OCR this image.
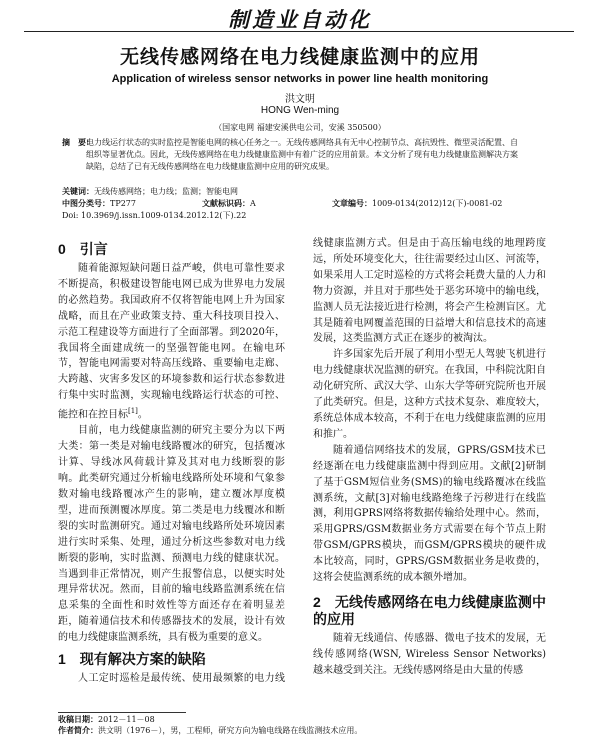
制造业自动化
无线传感网络在电力线健康监测中的应用
Application of wireless sensor networks in power line health monitoring
洪文明
HONG Wen-ming
（国家电网 福建安溪供电公司，安溪 350500）
摘　要：
电力线运行状态的实时监控是智能电网的核心任务之一。无线传感网络具有无中心控制节点、高抗毁性、微型灵活配置、自组织等显著优点。因此，无线传感网络在电力线健康监测中有着广泛的应用前景。本文分析了现有电力线健康监测解决方案缺陷，总结了已有无线传感网络在电力线健康监测中应用的研究成果。
关键词：无线传感网络；电力线；监测；智能电网
中图分类号：TP277	文献标识码：A	文章编号：1009-0134(2012)12(下)-0081-02
Doi: 10.3969/j.issn.1009-0134.2012.12(下).22
0　引言

随着能源短缺问题日益严峻，供电可靠性要求不断提高，积极建设智能电网已成为世界电力发展的必然趋势。我国政府不仅将智能电网上升为国家战略，而且在产业政策支持、重大科技项目投入、示范工程建设等方面进行了全面部署。到2020年，我国将全面建成统一的坚强智能电网。在输电环节，智能电网需要对特高压线路、重要输电走廊、大跨越、灾害多发区的环境参数和运行状态参数进行集中实时监测，实现输电线路运行状态的可控、能控和在控目标[1]。

目前，电力线健康监测的研究主要分为以下两大类：第一类是对输电线路覆冰的研究，包括覆冰计算、导线冰风荷载计算及其对电力线断裂的影响。此类研究通过分析输电线路所处环境和气象参数对输电线路覆冰产生的影响，建立覆冰厚度模型，进而预测覆冰厚度。第二类是电力线覆冰和断裂的实时监测研究。通过对输电线路所处环境因素进行实时采集、处理，通过分析这些参数对电力线断裂的影响，实时监测、预测电力线的健康状况。当遇到非正常情况，则产生报警信息，以便实时处理异常状况。然而，目前的输电线路监测系统在信息采集的全面性和时效性等方面还存在着明显差距，随着通信技术和传感器技术的发展，设计有效的电力线健康监测系统，具有极为重要的意义。

1　现有解决方案的缺陷

人工定时巡检是最传统、使用最频繁的电力线

线健康监测方式。但是由于高压输电线的地理跨度远，所处环境变化大，往往需要经过山区、河流等，如果采用人工定时巡检的方式将会耗费大量的人力和物力资源，并且对于那些处于恶劣环境中的输电线，监测人员无法接近进行检测，将会产生检测盲区。尤其是随着电网覆盖范围的日益增大和信息技术的高速发展，这类监测方式正在逐步的被淘汰。

许多国家先后开展了利用小型无人驾驶飞机进行电力线健康状况监测的研究。在我国，中科院沈阳自动化研究所、武汉大学、山东大学等研究院所也开展了此类研究。但是，这种方式技术复杂、难度较大，系统总体成本较高，不利于在电力线健康监测的应用和推广。

随着通信网络技术的发展，GPRS/GSM技术已经逐渐在电力线健康监测中得到应用。文献[2]研制了基于GSM短信业务(SMS)的输电线路覆冰在线监测系统，文献[3]对输电线路绝缘子污秽进行在线监测，利用GPRS网络将数据传输给处理中心。然而，采用GPRS/GSM数据业务方式需要在每个节点上附带GSM/GPRS模块，而GSM/GPRS模块的硬件成本比较高，同时，GPRS/GSM数据业务是收费的，这将会使监测系统的成本额外增加。

2　无线传感网络在电力线健康监测中的应用

随着无线通信、传感器、微电子技术的发展，无线传感网络(WSN, Wireless Sensor Networks)越来越受到关注。无线传感网络是由大量的传感

收稿日期：2012－11－08
作者简介：洪文明（1976－），男，工程师，研究方向为输电线路在线监测技术应用。
